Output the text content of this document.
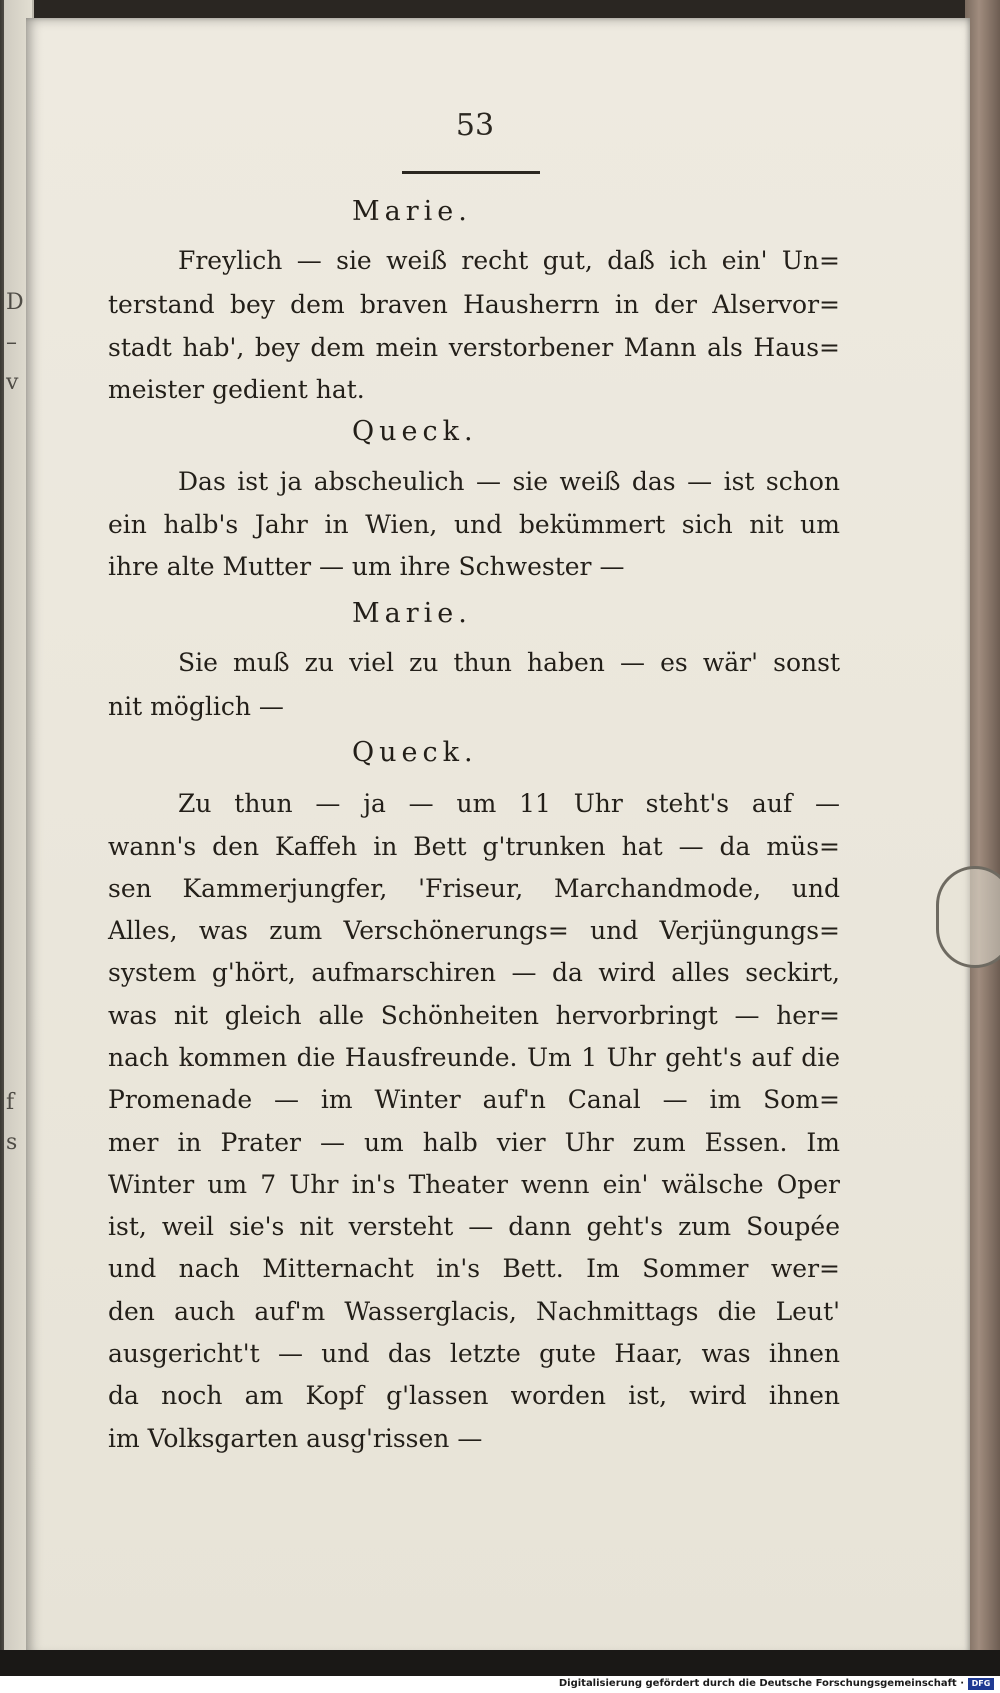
D
–
v
f
s
53
Marie.
Freylich — sie weiß recht gut, daß ich ein' Un=
terstand bey dem braven Hausherrn in der Alservor=
stadt hab', bey dem mein verstorbener Mann als Haus=
meister gedient hat.
Queck.
Das ist ja abscheulich — sie weiß das — ist schon
ein halb's Jahr in Wien, und bekümmert sich nit um
ihre alte Mutter — um ihre Schwester —
Marie.
Sie muß zu viel zu thun haben — es wär' sonst
nit möglich —
Queck.
Zu thun — ja — um 11 Uhr steht's auf —
wann's den Kaffeh in Bett g'trunken hat — da müs=
sen Kammerjungfer, 'Friseur, Marchandmode, und
Alles, was zum Verschönerungs= und Verjüngungs=
system g'hört, aufmarschiren — da wird alles seckirt,
was nit gleich alle Schönheiten hervorbringt — her=
nach kommen die Hausfreunde. Um 1 Uhr geht's auf die
Promenade — im Winter auf'n Canal — im Som=
mer in Prater — um halb vier Uhr zum Essen. Im
Winter um 7 Uhr in's Theater wenn ein' wälsche Oper
ist, weil sie's nit versteht — dann geht's zum Soupée
und nach Mitternacht in's Bett. Im Sommer wer=
den auch auf'm Wasserglacis, Nachmittags die Leut'
ausgericht't — und das letzte gute Haar, was ihnen
da noch am Kopf g'lassen worden ist, wird ihnen
im Volksgarten ausg'rissen —
Digitalisierung gefördert durch die Deutsche Forschungsgemeinschaft · DFG
